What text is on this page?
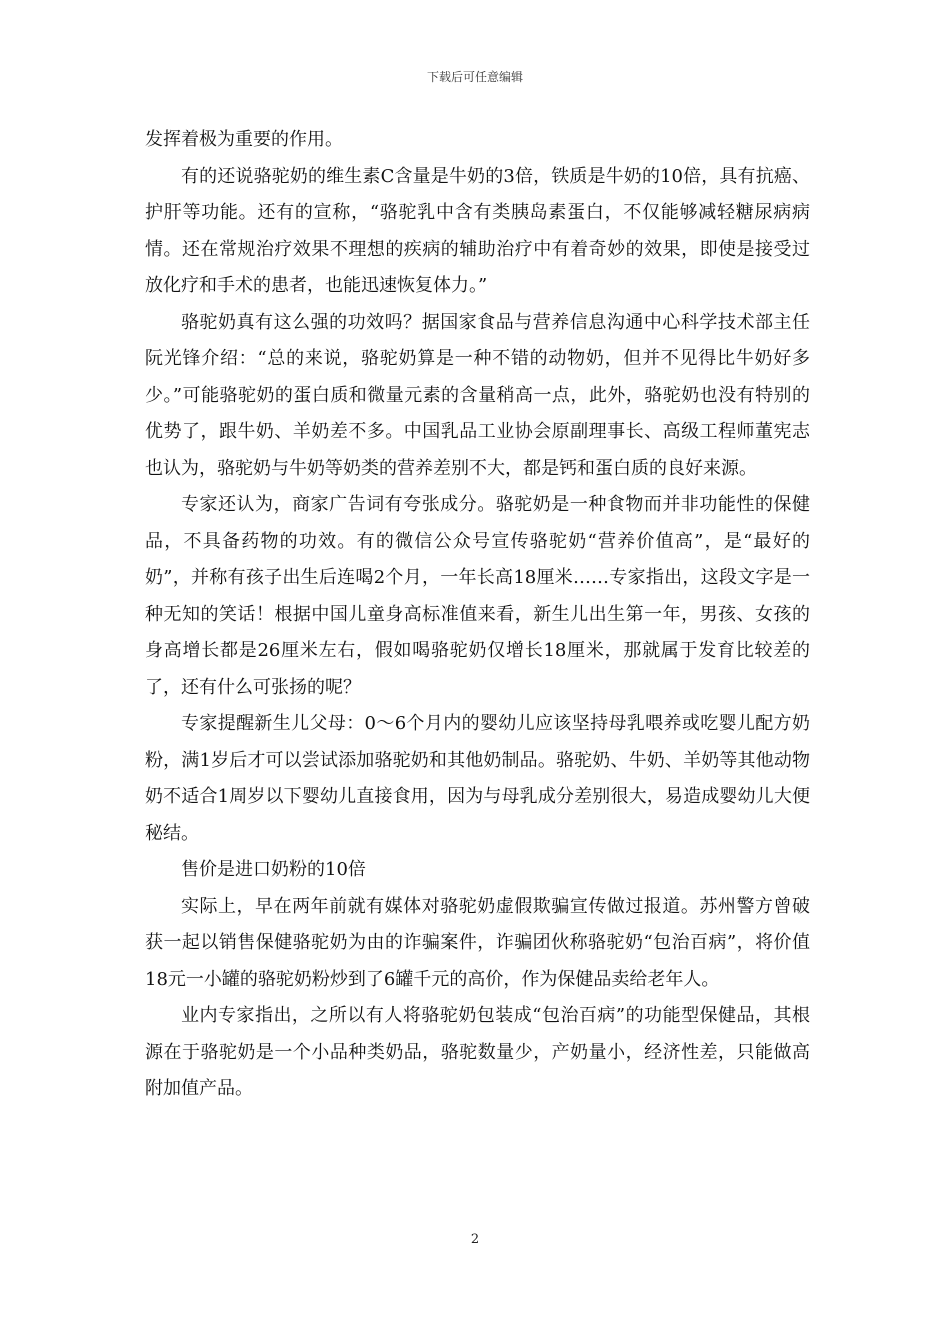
下载后可任意编辑

发挥着极为重要的作用。

有的还说骆驼奶的维生素C含量是牛奶的3倍，铁质是牛奶的10倍，具有抗癌、护肝等功能。还有的宣称，“骆驼乳中含有类胰岛素蛋白，不仅能够减轻糖尿病病情。还在常规治疗效果不理想的疾病的辅助治疗中有着奇妙的效果，即使是接受过放化疗和手术的患者，也能迅速恢复体力。”

骆驼奶真有这么强的功效吗？据国家食品与营养信息沟通中心科学技术部主任阮光锋介绍：“总的来说，骆驼奶算是一种不错的动物奶，但并不见得比牛奶好多少。”可能骆驼奶的蛋白质和微量元素的含量稍高一点，此外，骆驼奶也没有特别的优势了，跟牛奶、羊奶差不多。中国乳品工业协会原副理事长、高级工程师董宪志也认为，骆驼奶与牛奶等奶类的营养差别不大，都是钙和蛋白质的良好来源。

专家还认为，商家广告词有夸张成分。骆驼奶是一种食物而并非功能性的保健品，不具备药物的功效。有的微信公众号宣传骆驼奶“营养价值高”，是“最好的奶”，并称有孩子出生后连喝2个月，一年长高18厘米……专家指出，这段文字是一种无知的笑话！根据中国儿童身高标准值来看，新生儿出生第一年，男孩、女孩的身高增长都是26厘米左右，假如喝骆驼奶仅增长18厘米，那就属于发育比较差的了，还有什么可张扬的呢？

专家提醒新生儿父母：0～6个月内的婴幼儿应该坚持母乳喂养或吃婴儿配方奶粉，满1岁后才可以尝试添加骆驼奶和其他奶制品。骆驼奶、牛奶、羊奶等其他动物奶不适合1周岁以下婴幼儿直接食用，因为与母乳成分差别很大，易造成婴幼儿大便秘结。

售价是进口奶粉的10倍

实际上，早在两年前就有媒体对骆驼奶虚假欺骗宣传做过报道。苏州警方曾破获一起以销售保健骆驼奶为由的诈骗案件，诈骗团伙称骆驼奶“包治百病”，将价值18元一小罐的骆驼奶粉炒到了6罐千元的高价，作为保健品卖给老年人。

业内专家指出，之所以有人将骆驼奶包装成“包治百病”的功能型保健品，其根源在于骆驼奶是一个小品种类奶品，骆驼数量少，产奶量小，经济性差，只能做高附加值产品。

2
